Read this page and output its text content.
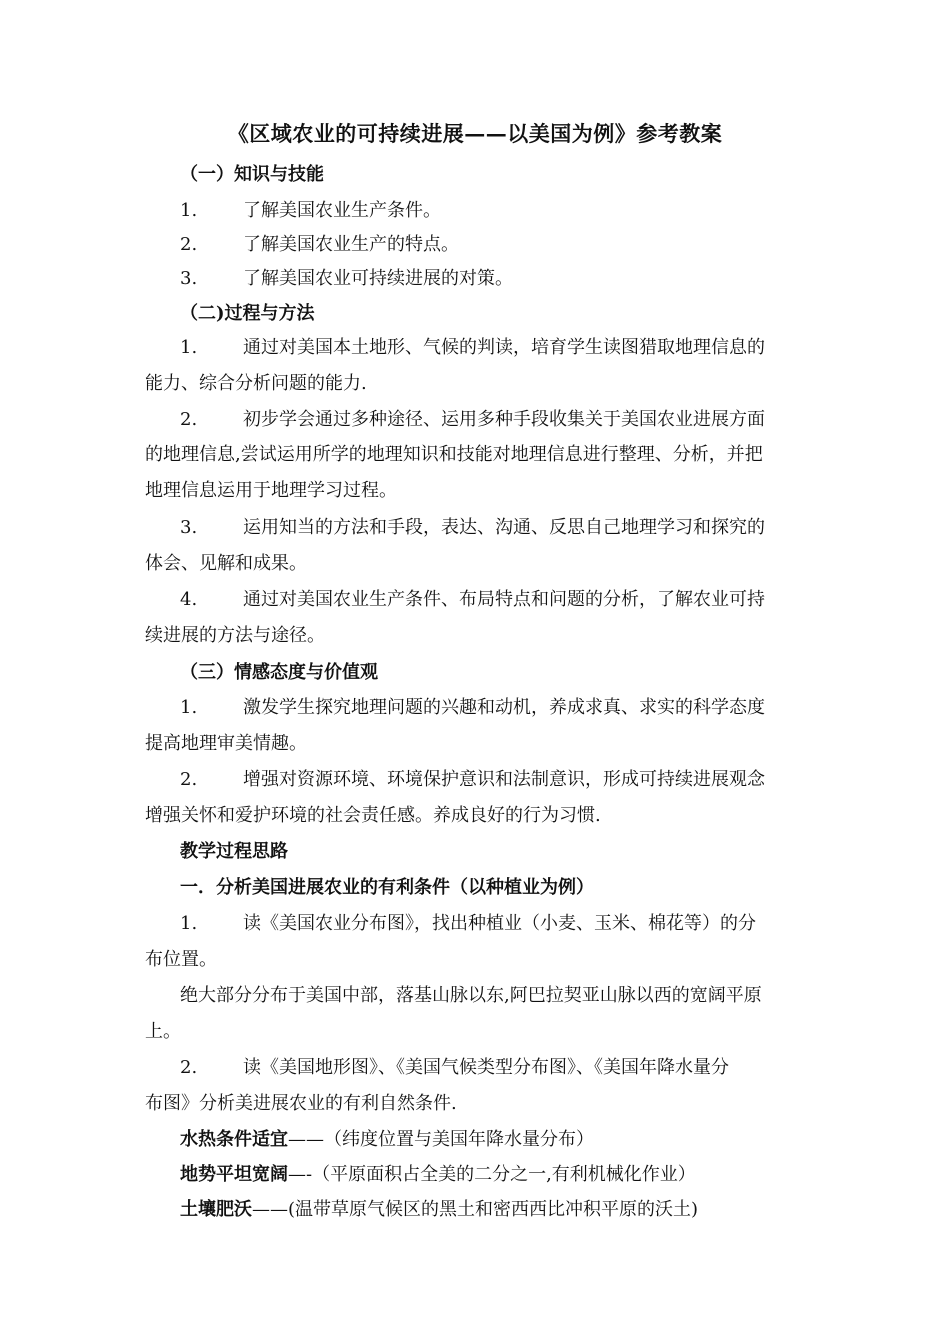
《区域农业的可持续进展——以美国为例》参考教案
（一）知识与技能
1.	了解美国农业生产条件。
2.	了解美国农业生产的特点。
3.	了解美国农业可持续进展的对策。
（二)过程与方法
1.	通过对美国本土地形、气候的判读，培育学生读图猎取地理信息的
能力、综合分析问题的能力.
2.	初步学会通过多种途径、运用多种手段收集关于美国农业进展方面
的地理信息,尝试运用所学的地理知识和技能对地理信息进行整理、分析，并把
地理信息运用于地理学习过程。
3.	运用知当的方法和手段，表达、沟通、反思自己地理学习和探究的
体会、见解和成果。
4.	通过对美国农业生产条件、布局特点和问题的分析，了解农业可持
续进展的方法与途径。
（三）情感态度与价值观
1.	激发学生探究地理问题的兴趣和动机，养成求真、求实的科学态度
提高地理审美情趣。
2.	增强对资源环境、环境保护意识和法制意识，形成可持续进展观念
增强关怀和爱护环境的社会责任感。养成良好的行为习惯.
教学过程思路
一．分析美国进展农业的有利条件（以种植业为例）
1.	读《美国农业分布图》，找出种植业（小麦、玉米、棉花等）的分
布位置。
绝大部分分布于美国中部，落基山脉以东,阿巴拉契亚山脉以西的宽阔平原
上。
2.	读《美国地形图》、《美国气候类型分布图》、《美国年降水量分
布图》分析美进展农业的有利自然条件.
水热条件适宜——（纬度位置与美国年降水量分布）
地势平坦宽阔—-（平原面积占全美的二分之一,有利机械化作业）
土壤肥沃——(温带草原气候区的黑土和密西西比冲积平原的沃土)
